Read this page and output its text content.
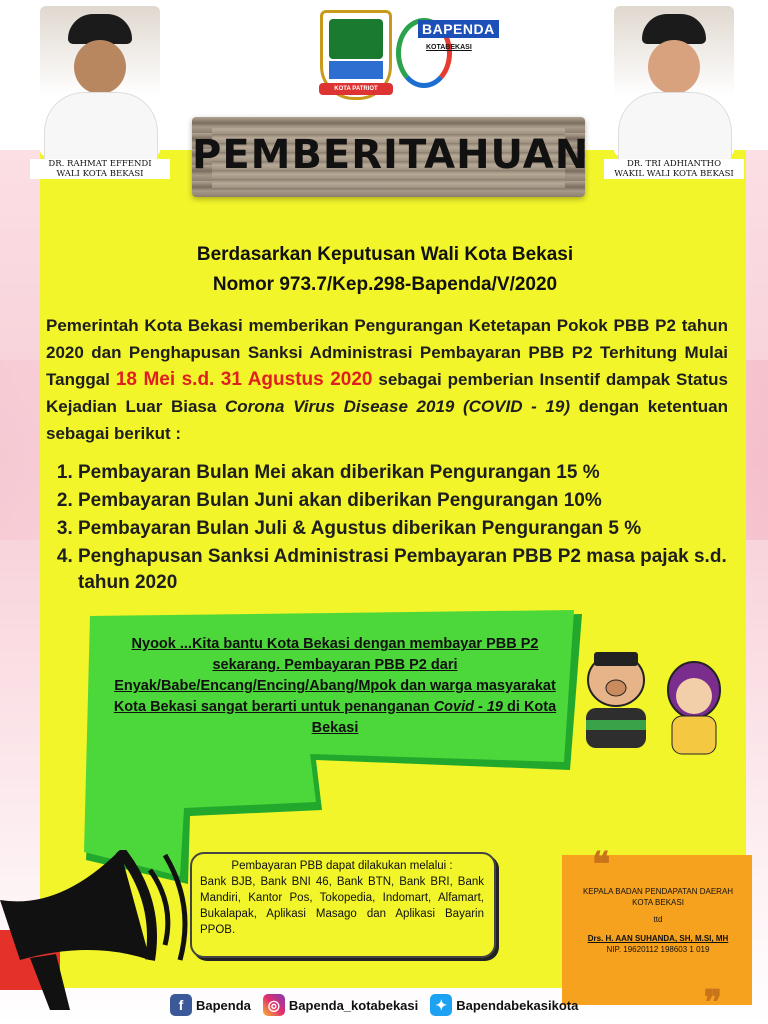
DR. RAHMAT EFFENDI
WALI KOTA BEKASI
DR. TRI ADHIANTHO
WAKIL WALI KOTA BEKASI
KOTA PATRIOT
BAPENDA
KOTABEKASI
PEMBERITAHUAN
Berdasarkan Keputusan Wali Kota Bekasi
Nomor 973.7/Kep.298-Bapenda/V/2020
Pemerintah Kota Bekasi memberikan Pengurangan Ketetapan Pokok PBB P2 tahun 2020 dan Penghapusan Sanksi Administrasi Pembayaran PBB P2 Terhitung Mulai Tanggal 18 Mei s.d. 31 Agustus 2020 sebagai pemberian Insentif dampak Status Kejadian Luar Biasa Corona Virus Disease 2019 (COVID - 19) dengan ketentuan sebagai berikut :
1. Pembayaran Bulan Mei akan diberikan Pengurangan 15 %
2. Pembayaran Bulan Juni akan diberikan Pengurangan 10%
3. Pembayaran Bulan Juli & Agustus diberikan Pengurangan 5 %
4. Penghapusan Sanksi Administrasi Pembayaran PBB P2 masa pajak s.d. tahun 2020
Nyook ...Kita bantu Kota Bekasi dengan membayar PBB P2 sekarang. Pembayaran PBB P2 dari Enyak/Babe/Encang/Encing/Abang/Mpok dan warga masyarakat Kota Bekasi sangat berarti untuk penanganan Covid - 19 di Kota Bekasi
Pembayaran PBB dapat dilakukan melalui :
Bank BJB, Bank BNI 46, Bank BTN, Bank BRI, Bank Mandiri, Kantor Pos, Tokopedia, Indomart, Alfamart, Bukalapak, Aplikasi Masago dan Aplikasi Bayarin PPOB.
❝
❞
KEPALA BADAN PENDAPATAN DAERAH
KOTA BEKASI
ttd
Drs. H. AAN SUHANDA, SH, M.SI, MH
NIP. 19620112 198603 1 019
f Bapenda	◎ Bapenda_kotabekasi	✦ Bapendabekasikota
